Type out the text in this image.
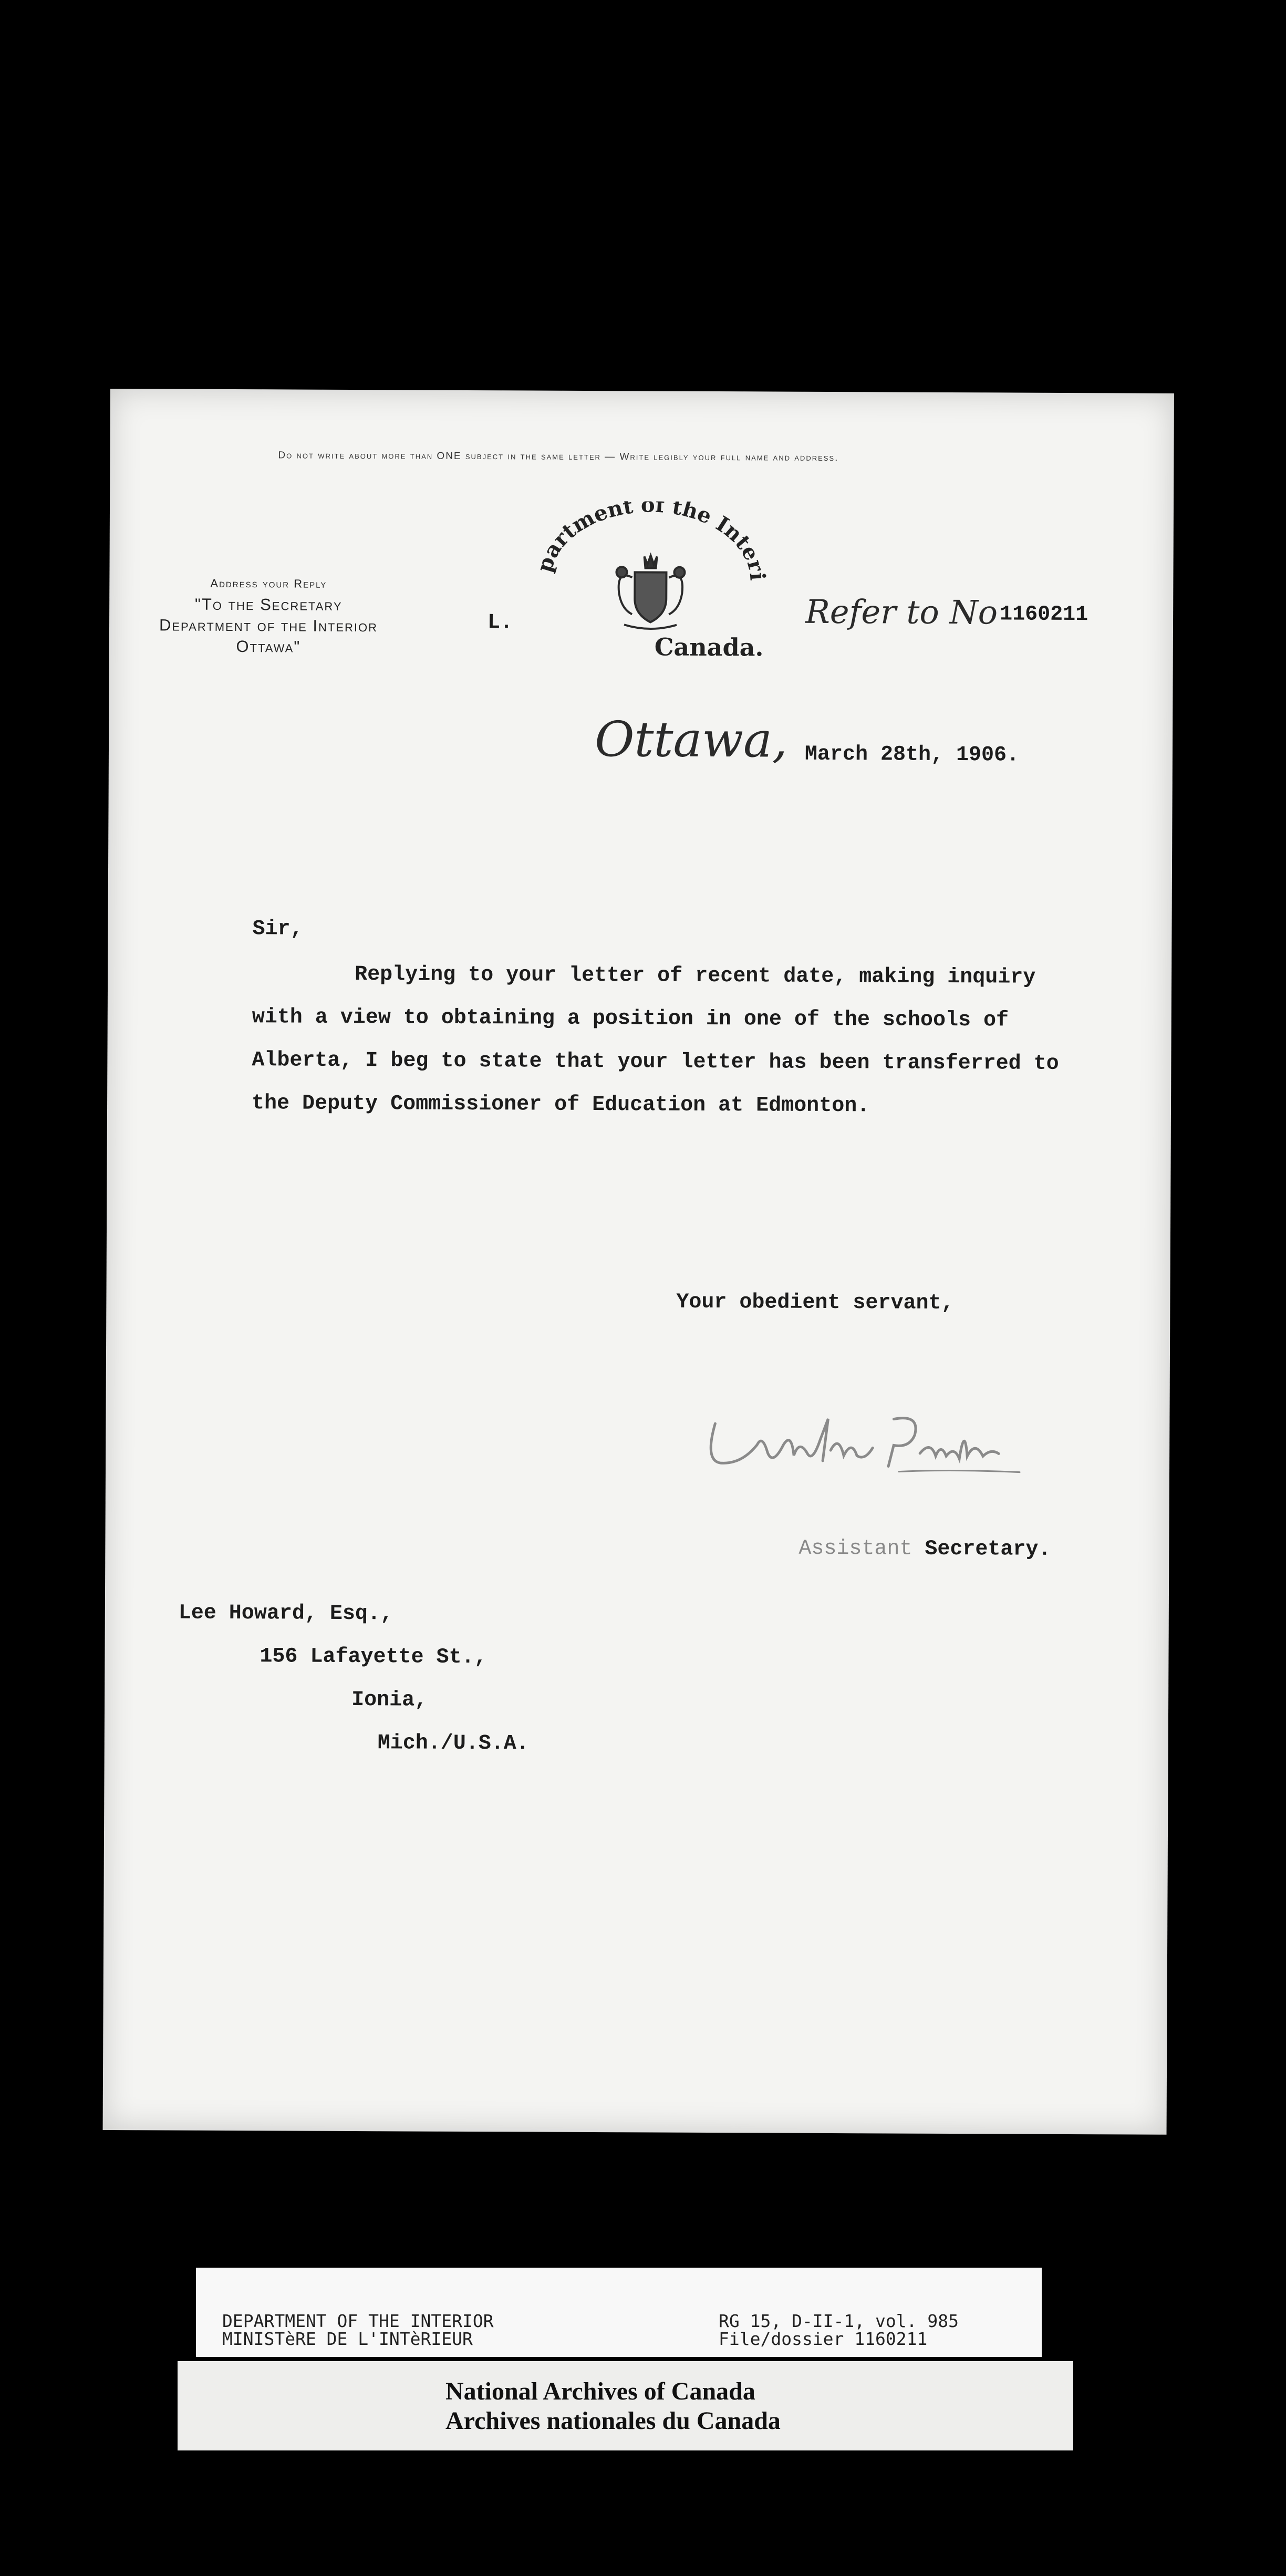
Do not write about more than ONE subject in the same letter — Write legibly your full name and address.
Address your Reply
"To the Secretary
Department of the Interior
Ottawa"
L.
Department of the Interior
Canada.
Refer to No 1160211
Ottawa, March 28th, 1906.
Sir,
Replying to your letter of recent date, making inquiry
with a view to obtaining a position in one of the schools of
Alberta, I beg to state that your letter has been transferred to
the Deputy Commissioner of Education at Edmonton.
Your obedient servant,
Assistant Secretary.
Lee Howard, Esq.,
156 Lafayette St.,
Ionia,
Mich./U.S.A.
DEPARTMENT OF THE INTERIOR
MINISTèRE DE L'INTèRIEUR
RG 15, D-II-1, vol. 985
File/dossier 1160211
National Archives of Canada
Archives nationales du Canada
